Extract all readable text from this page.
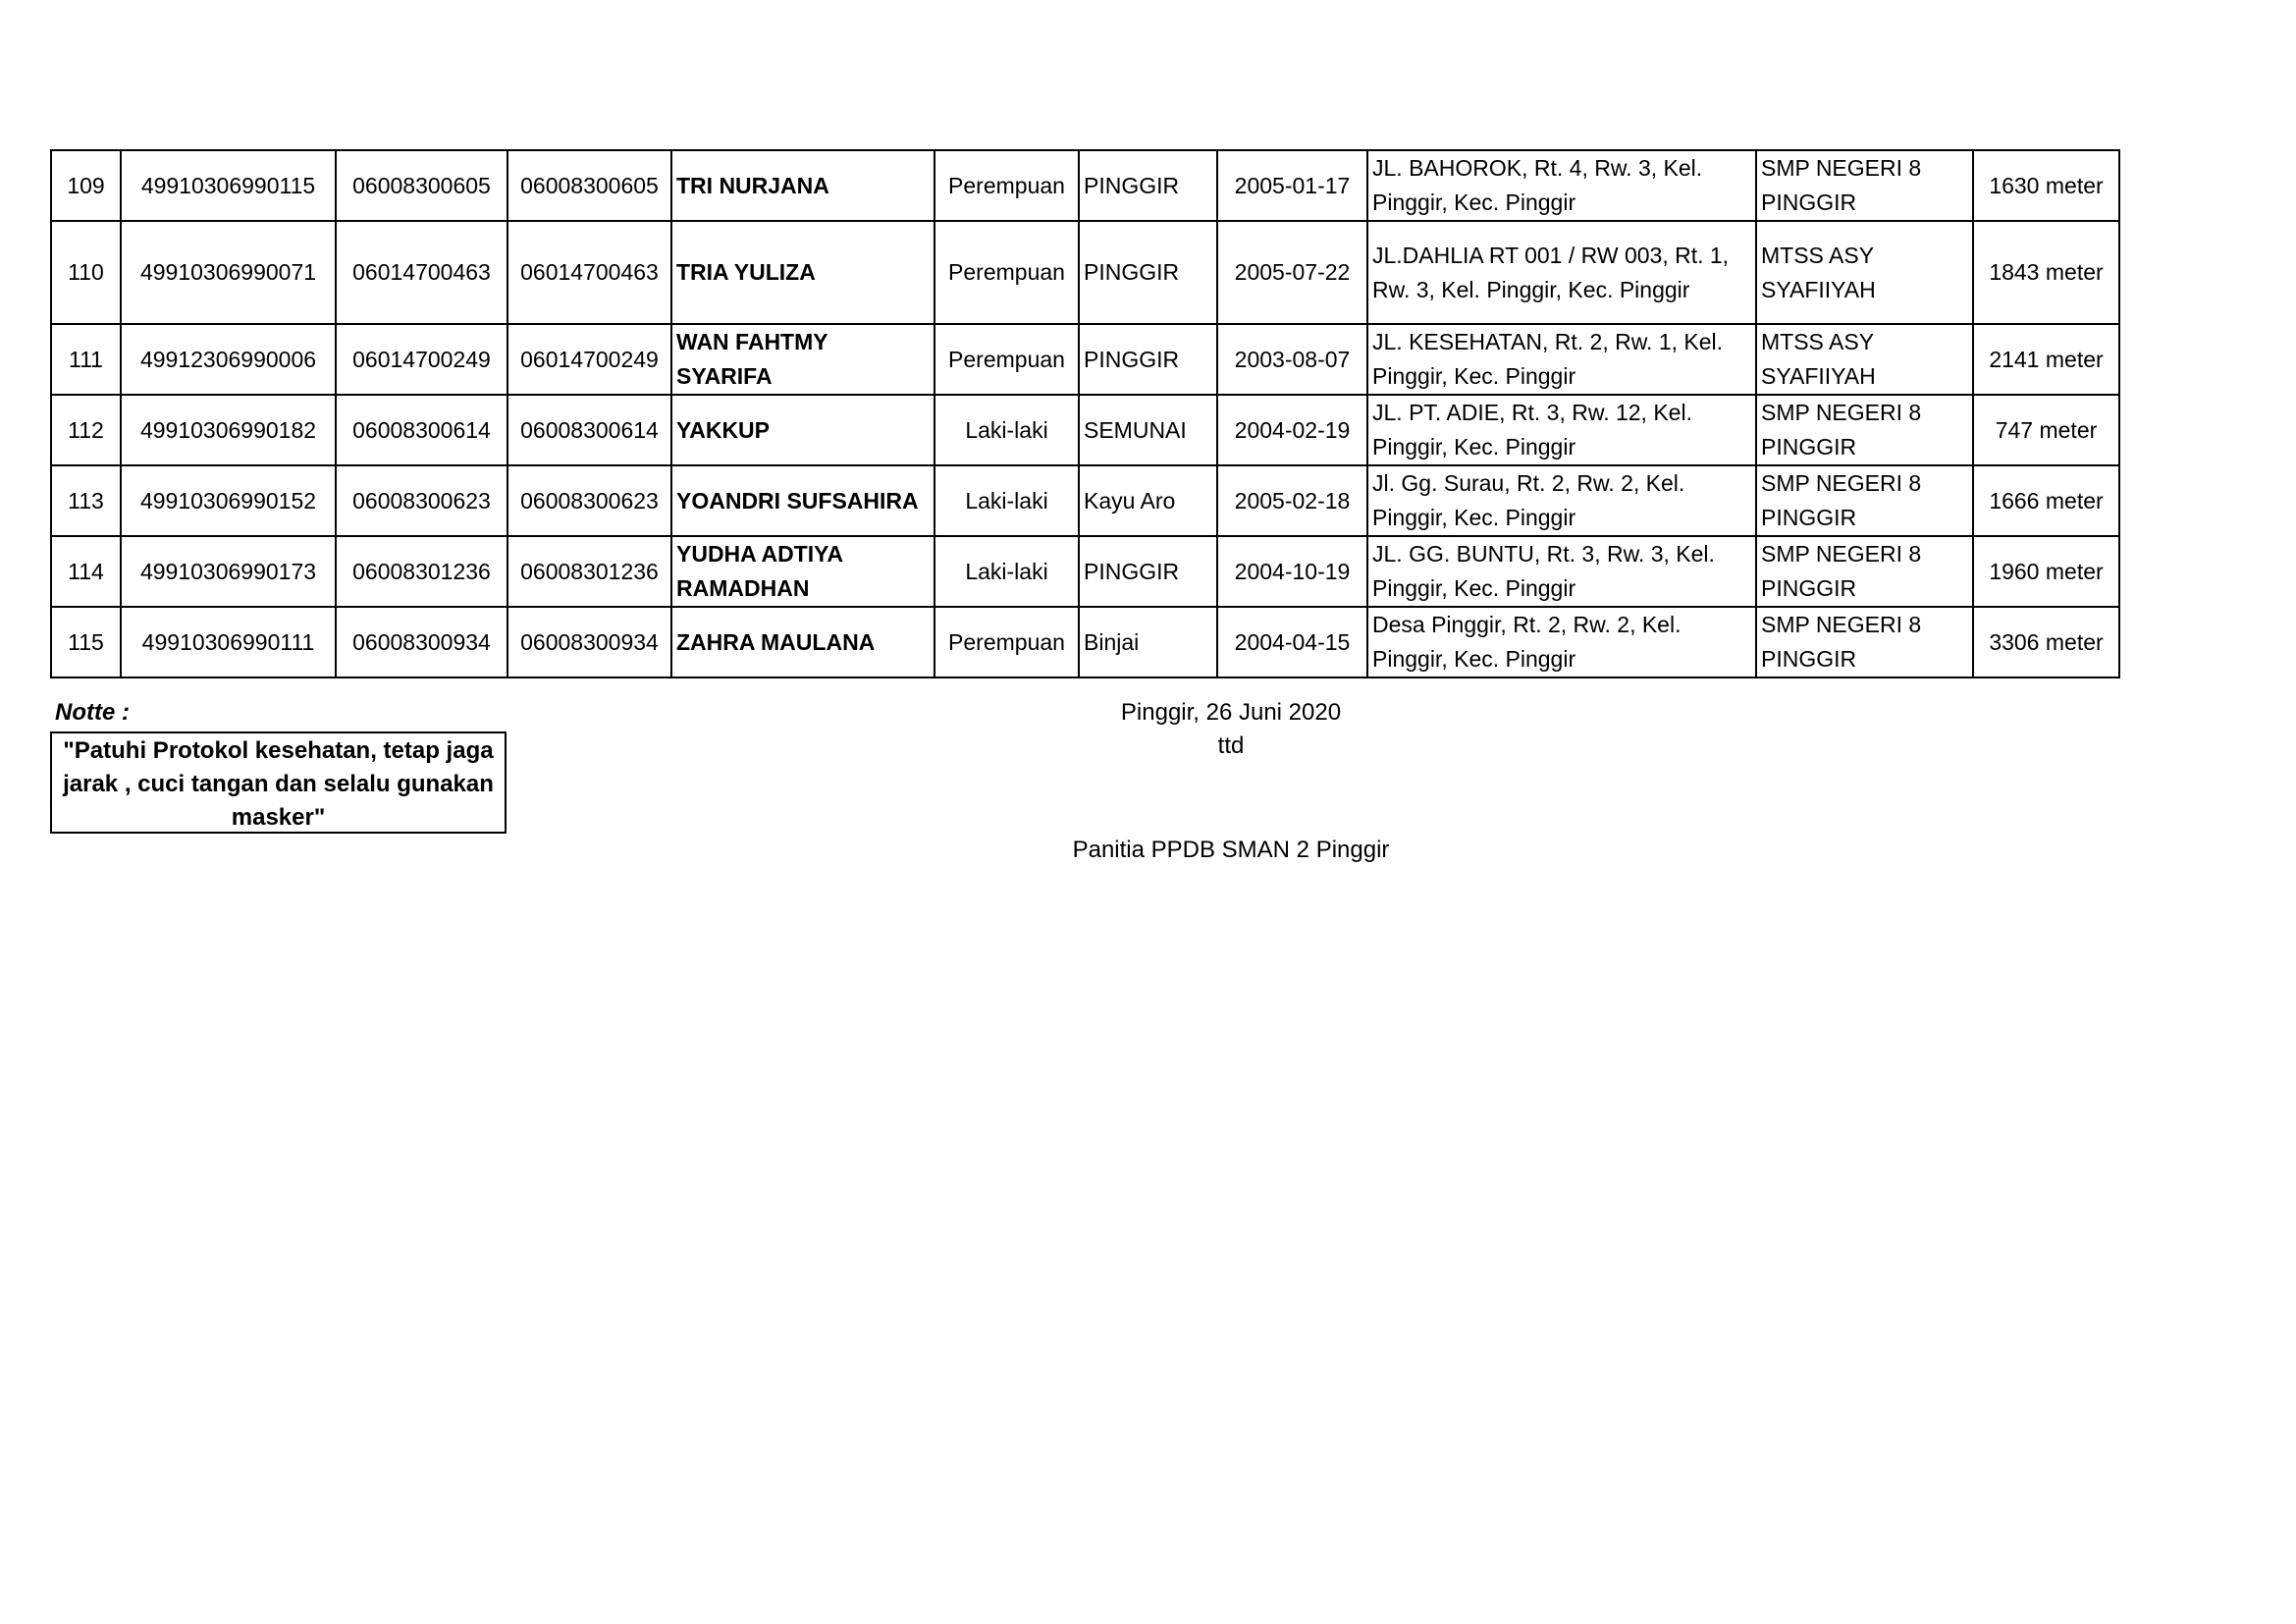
109	49910306990115	06008300605	06008300605	TRI NURJANA	Perempuan	PINGGIR	2005-01-17	JL. BAHOROK, Rt. 4, Rw. 3, Kel. Pinggir, Kec. Pinggir	SMP NEGERI 8 PINGGIR	1630 meter
110	49910306990071	06014700463	06014700463	TRIA YULIZA	Perempuan	PINGGIR	2005-07-22	JL.DAHLIA RT 001 / RW 003, Rt. 1, Rw. 3, Kel. Pinggir, Kec. Pinggir	MTSS ASY SYAFIIYAH	1843 meter
111	49912306990006	06014700249	06014700249	WAN FAHTMY SYARIFA	Perempuan	PINGGIR	2003-08-07	JL. KESEHATAN, Rt. 2, Rw. 1, Kel. Pinggir, Kec. Pinggir	MTSS ASY SYAFIIYAH	2141 meter
112	49910306990182	06008300614	06008300614	YAKKUP	Laki-laki	SEMUNAI	2004-02-19	JL. PT. ADIE, Rt. 3, Rw. 12, Kel. Pinggir, Kec. Pinggir	SMP NEGERI 8 PINGGIR	747 meter
113	49910306990152	06008300623	06008300623	YOANDRI SUFSAHIRA	Laki-laki	Kayu Aro	2005-02-18	Jl. Gg. Surau, Rt. 2, Rw. 2, Kel. Pinggir, Kec. Pinggir	SMP NEGERI 8 PINGGIR	1666 meter
114	49910306990173	06008301236	06008301236	YUDHA ADTIYA RAMADHAN	Laki-laki	PINGGIR	2004-10-19	JL. GG. BUNTU, Rt. 3, Rw. 3, Kel. Pinggir, Kec. Pinggir	SMP NEGERI 8 PINGGIR	1960 meter
115	49910306990111	06008300934	06008300934	ZAHRA MAULANA	Perempuan	Binjai	2004-04-15	Desa Pinggir, Rt. 2, Rw. 2, Kel. Pinggir, Kec. Pinggir	SMP NEGERI 8 PINGGIR	3306 meter
Notte :
"Patuhi Protokol kesehatan, tetap jaga jarak , cuci tangan dan selalu gunakan masker"
Pinggir, 26 Juni 2020
ttd
Panitia PPDB SMAN 2 Pinggir
